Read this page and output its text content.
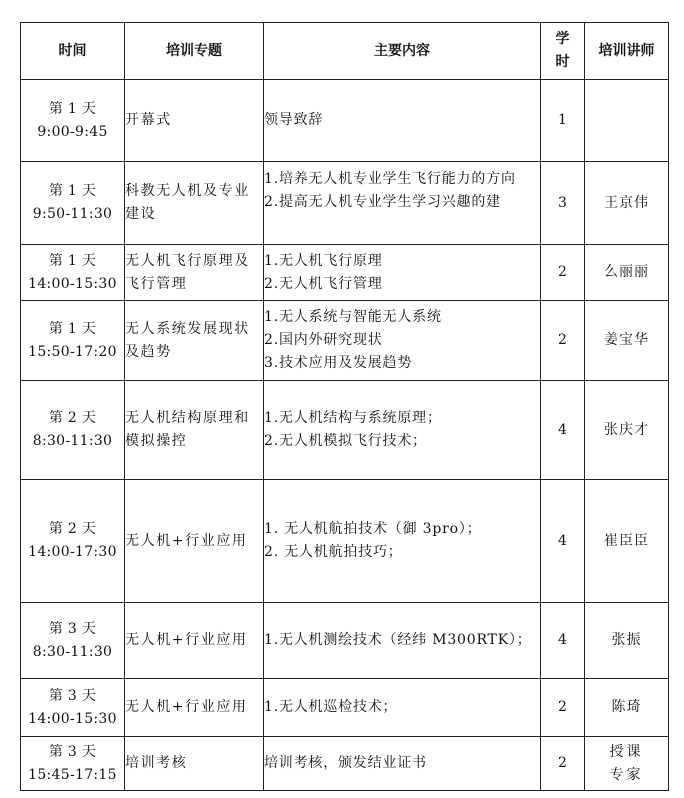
时间	培训专题	主要内容	学
时	培训讲师

第 1 天
9:00-9:45	开幕式	领导致辞	1	

第 1 天
9:50-11:30	科教无人机及专业建设	1.培养无人机专业学生飞行能力的方向
2.提高无人机专业学生学习兴趣的建	3	王京伟

第 1 天
14:00-15:30	无人机飞行原理及飞行管理	1.无人机飞行原理
2.无人机飞行管理	2	么丽丽

第 1 天
15:50-17:20	无人系统发展现状及趋势	1.无人系统与智能无人系统
2.国内外研究现状
3.技术应用及发展趋势	2	姜宝华

第 2 天
8:30-11:30	无人机结构原理和模拟操控	1.无人机结构与系统原理；
2.无人机模拟飞行技术；	4	张庆才

第 2 天
14:00-17:30	无人机+行业应用	1. 无人机航拍技术（御 3pro）；
2. 无人机航拍技巧；	4	崔臣臣

第 3 天
8:30-11:30	无人机+行业应用	1.无人机测绘技术（经纬 M300RTK）；	4	张振

第 3 天
14:00-15:30	无人机+行业应用	1.无人机巡检技术；	2	陈琦

第 3 天
15:45-17:15	培训考核	培训考核，颁发结业证书	2	授课专家
